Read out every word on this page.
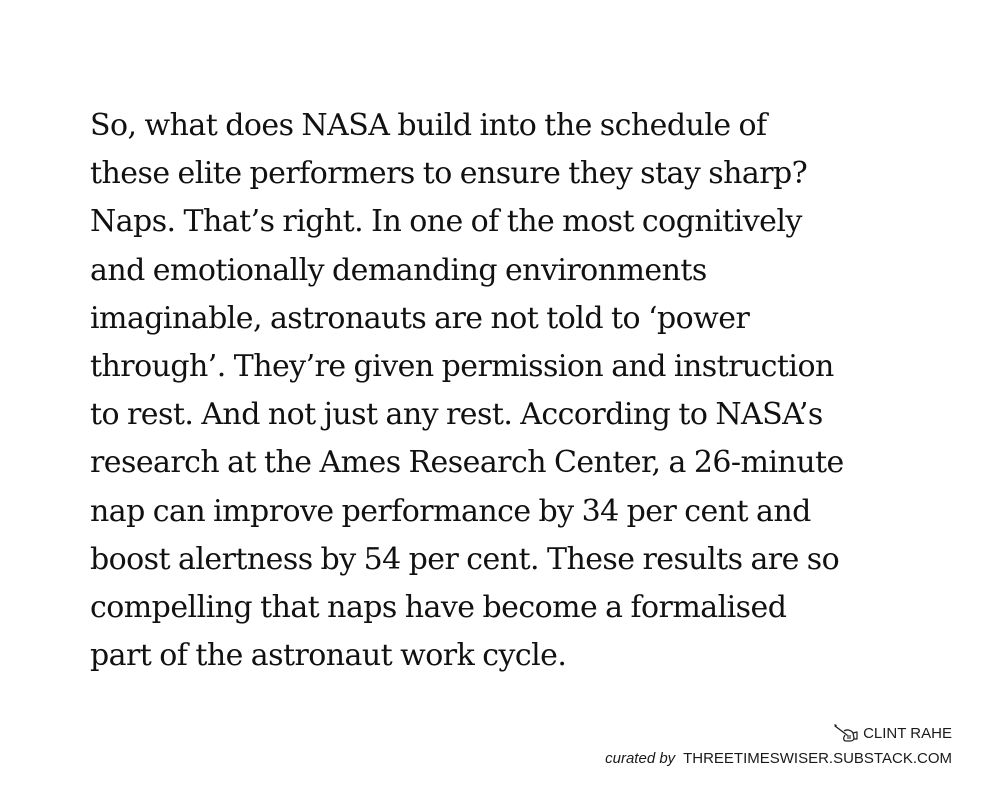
So, what does NASA build into the schedule of
these elite performers to ensure they stay sharp?
Naps. That’s right. In one of the most cognitively
and emotionally demanding environments
imaginable, astronauts are not told to ‘power
through’. They’re given permission and instruction
to rest. And not just any rest. According to NASA’s
research at the Ames Research Center, a 26-minute
nap can improve performance by 34 per cent and
boost alertness by 54 per cent. These results are so
compelling that naps have become a formalised
part of the astronaut work cycle.
CLINT RAHE
curated by THREETIMESWISER.SUBSTACK.COM
